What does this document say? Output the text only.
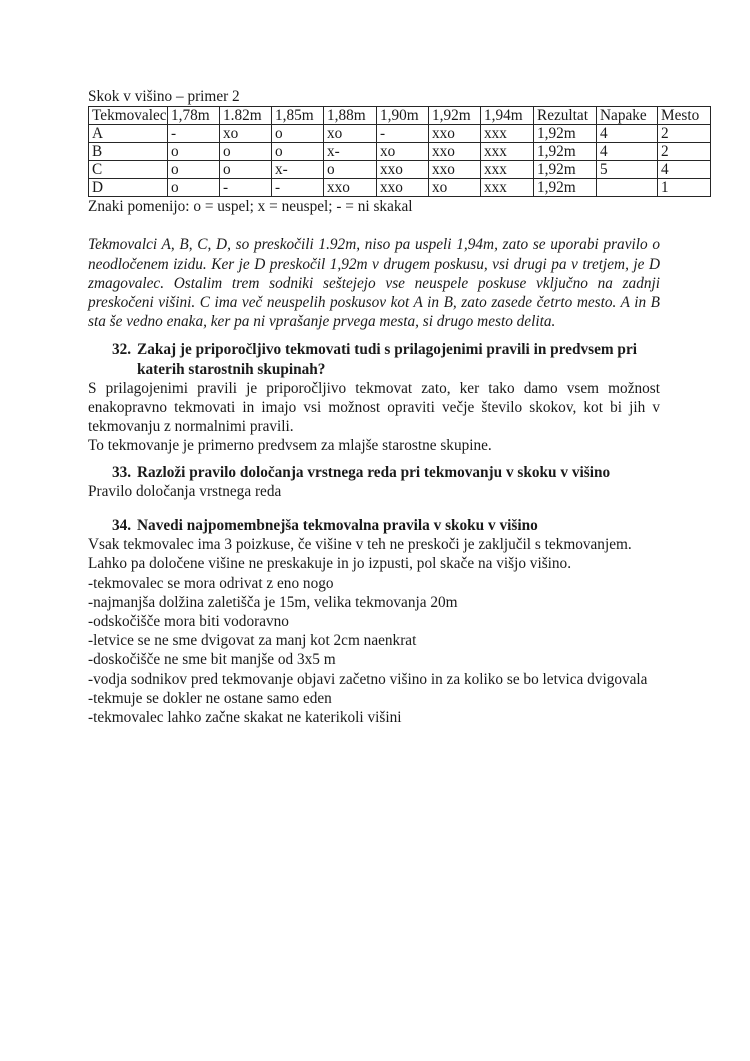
Skok v višino – primer 2
Tekmovalec	1,78m	1.82m	1,85m	1,88m	1,90m	1,92m	1,94m	Rezultat	Napake	Mesto
A	-	xo	o	xo	-	xxo	xxx	1,92m	4	2
B	o	o	o	x-	xo	xxo	xxx	1,92m	4	2
C	o	o	x-	o	xxo	xxo	xxx	1,92m	5	4
D	o	-	-	xxo	xxo	xo	xxx	1,92m		1
Znaki pomenijo: o = uspel; x = neuspel; - = ni skakal
Tekmovalci A, B, C, D, so preskočili 1.92m, niso pa uspeli 1,94m, zato se uporabi pravilo o neodločenem izidu. Ker je D preskočil 1,92m v drugem poskusu, vsi drugi pa v tretjem, je D zmagovalec. Ostalim trem sodniki seštejejo vse neuspele poskuse vključno na zadnji preskočeni višini. C ima več neuspelih poskusov kot A in B, zato zasede četrto mesto. A in B sta še vedno enaka, ker pa ni vprašanje prvega mesta, si drugo mesto delita.
32. Zakaj je priporočljivo tekmovati tudi s prilagojenimi pravili in predvsem pri katerih starostnih skupinah?
S prilagojenimi pravili je priporočljivo tekmovat zato, ker tako damo vsem možnost enakopravno tekmovati in imajo vsi možnost opraviti večje število skokov, kot bi jih v tekmovanju z normalnimi pravili.
To tekmovanje je primerno predvsem za mlajše starostne skupine.
33. Razloži pravilo določanja vrstnega reda pri tekmovanju v skoku v višino
Pravilo določanja vrstnega reda
34. Navedi najpomembnejša tekmovalna pravila v skoku v višino
Vsak tekmovalec ima 3 poizkuse, če višine v teh ne preskoči je zaključil s tekmovanjem.
Lahko pa določene višine ne preskakuje in jo izpusti, pol skače na višjo višino.
-tekmovalec se mora odrivat z eno nogo
-najmanjša dolžina zaletišča je 15m, velika tekmovanja 20m
-odskočišče mora biti vodoravno
-letvice se ne sme dvigovat za manj kot 2cm naenkrat
-doskočišče ne sme bit manjše od 3x5 m
-vodja sodnikov pred tekmovanje objavi začetno višino in za koliko se bo letvica dvigovala
-tekmuje se dokler ne ostane samo eden
-tekmovalec lahko začne skakat ne katerikoli višini
